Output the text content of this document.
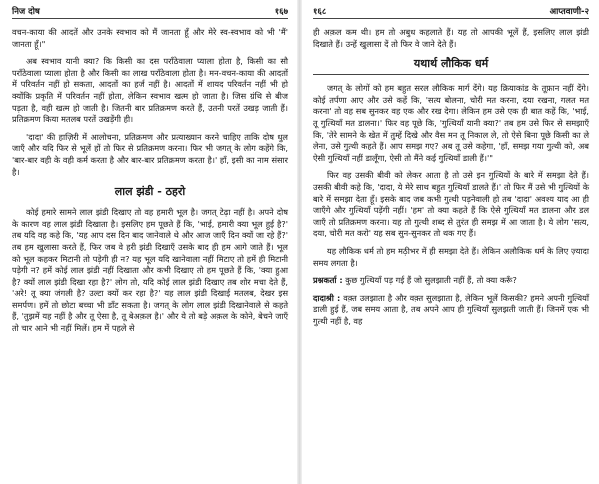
निज दोष	१६७

वचन-काया की आदतें और उनके स्वभाव को मैं जानता हूँ और मेरे स्व-स्वभाव को भी 'मैं' जानता हूँ।"

अब स्वभाव यानी क्या? कि किसी का दस पराँठेवाला प्याला होता है, किसी का सौ पराँठेवाला प्याला होता है और किसी का लाख पराँठेवाला होता है। मन-वचन-काया की आदतों में परिवर्तन नहीं हो सकता, आदतों का हर्ज नहीं है। आदतों में शायद परिवर्तन नहीं भी हो क्योंकि प्रकृति में परिवर्तन नहीं होता, लेकिन स्वभाव खत्म हो जाता है। जिस ग्रंथि से बीज पड़ता है, वही खत्म हो जाती है। जितनी बार प्रतिक्रमण करते हैं, उतनी परतें उखड़ जाती हैं। प्रतिक्रमण किया मतलब परतें उखड़ेंगी ही।

'दादा' की हाज़िरी में आलोचना, प्रतिक्रमण और प्रत्याख्यान करने चाहिए ताकि दोष धुल जाएँ और यदि फिर से भूलें हों तो फिर से प्रतिक्रमण करना। फिर भी जगत् के लोग कहेंगे कि, 'बार-बार वही के वही कर्म करता है और बार-बार प्रतिक्रमण करता है।' हाँ, इसी का नाम संसार है।

लाल झंडी - ठहरो

कोई हमारे सामने लाल झंडी दिखाए तो वह हमारी भूल है। जगत् टेढ़ा नहीं है। अपने दोष के कारण वह लाल झंडी दिखाता है। इसलिए हम पूछते हैं कि, 'भाई, हमारी क्या भूल हुई है?' तब यदि वह कहे कि, 'यह आप दस दिन बाद जानेवाले थे और आज जाएँ दिन क्यों जा रहे हैं?' तब हम खुलासा करते हैं, फिर जब वे हरी झंडी दिखाएँ उसके बाद ही हम आगे जाते हैं। भूल को भूल कहकर मिटानी तो पड़ेगी ही न? यह भूल यदि खानेवाला नहीं मिटाए तो हमें ही मिटानी पड़ेगी न? हमें कोई लाल झंडी नहीं दिखाता और कभी दिखाए तो हम पूछते हैं कि, 'क्या हुआ है? क्यों लाल झंडी दिखा रहा है?' लोग तो, यदि कोई लाल झंडी दिखाए तब शोर मचा देते हैं, 'अरे! तू क्या जंगली है? उल्टा क्यों कर रहा है?' यह लाल झंडी दिखाई मतलब, देखर इस समर्पण। हमें तो छोटा बच्चा भी डाँट सकता है। जगत् के लोग लाल झंडी दिखानेवाले से कहते हैं, 'तुझमें यह नहीं है और तू ऐसा है, तू बेअक़ल है।' और ये तो बड़े अक़ल के कोने, बेचने जाएँ तो चार आने भी नहीं मिलें। हम में पहले से

१६८	आप्तवाणी-२

ही अक़ल कम थी। हम तो अबुध कहलाते हैं। यह तो आपकी भूलें हैं, इसलिए लाल झंडी दिखाते हैं। उन्हें खुलासा दें तो फिर वे जाने देते हैं।

यथार्थ लौकिक धर्म

जगत् के लोगों को हम बहुत सरल लौकिक मार्ग देंगे। यह क्रियाकांड के तूफ़ान नहीं देंगे। कोई तर्पणा आए और उसे कहें कि, 'सत्य बोलना, चोरी मत करना, दया रखना, गलत मत करना' तो वह सब सुनकर वह एक और रख देगा। लेकिन हम उसे एक ही बात कहें कि, 'भाई, तू गुत्थियाँ मत डालना।' फिर वह पूछे कि, 'गुत्थियाँ यानी क्या?' तब हम उसे फिर से समझाएँ कि, 'तेरे सामने के खेत में तुम्हें दिखे और वैस मन तू निकाल ले, तो ऐसे बिना पूछे किसी का ले लेना, उसे गुत्थी कहते हैं। आप समझ गए? अब तू उसे कहेगा, 'हाँ, समझ गया गुत्थी को, अब ऐसी गुत्थियाँ नहीं डालूँगा, ऐसी तो मैंने कई गुत्थियाँ डाली हैं।'"

फिर वह उसकी बीवी को लेकर आता है तो उसे इन गुत्थियों के बारे में समझा देते हैं। उसकी बीवी कहे कि, 'दादा, ये मेरे साथ बहुत गुत्थियाँ डालते हैं।' तो फिर मैं उसे भी गुत्थियों के बारे में समझा देता हूँ। इसके बाद जब कभी गुत्थी पड़नेवाली हो तब 'दादा' अवश्य याद आ ही जाएँगे और गुत्थियाँ पड़ेंगी नहीं। 'हम' तो क्या कहते हैं कि ऐसे गुत्थियाँ मत डालना और डल जाएँ तो प्रतिक्रमण करना। यह तो गुत्थी शब्द से तुरंत ही समझ में आ जाता है। ये लोग 'सत्य, दया, चोरी मत करो' यह सब सुन-सुनकर तो थक गए हैं।

यह लौकिक धर्म तो हम मठ़ीभर में ही समझा देते हैं। लेकिन अलौकिक धर्म के लिए ज़्यादा समय लगता है।

प्रश्नकर्ता : कुछ गुत्थियाँ पड़ गई हैं जो सुलझाती नहीं हैं, तो क्या करूँ?

दादाश्री : वक़्त उलझाता है और वक़्त सुलझाता है, लेकिन भूलें किसकी? हमने अपनी गुत्थियाँ डाली हुई हैं, जब समय आता है, तब अपने आप ही गुत्थियाँ सुलझती जाती हैं। जिनमें एक भी गुत्थी नहीं है, वह
